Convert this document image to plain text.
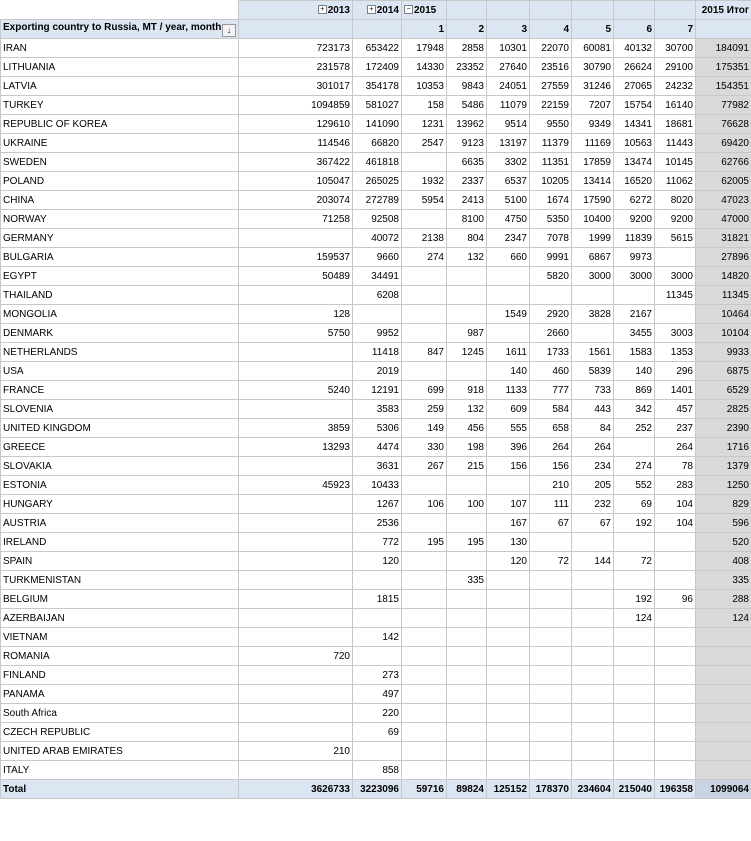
	+ 2013	+ 2014	− 2015							2015 Итог
Exporting country to Russia, MT / year, month ↓			1	2	3	4	5	6	7	
IRAN	723173	653422	17948	2858	10301	22070	60081	40132	30700	184091
LITHUANIA	231578	172409	14330	23352	27640	23516	30790	26624	29100	175351
LATVIA	301017	354178	10353	9843	24051	27559	31246	27065	24232	154351
TURKEY	1094859	581027	158	5486	11079	22159	7207	15754	16140	77982
REPUBLIC OF KOREA	129610	141090	1231	13962	9514	9550	9349	14341	18681	76628
UKRAINE	114546	66820	2547	9123	13197	11379	11169	10563	11443	69420
SWEDEN	367422	461818		6635	3302	11351	17859	13474	10145	62766
POLAND	105047	265025	1932	2337	6537	10205	13414	16520	11062	62005
CHINA	203074	272789	5954	2413	5100	1674	17590	6272	8020	47023
NORWAY	71258	92508		8100	4750	5350	10400	9200	9200	47000
GERMANY		40072	2138	804	2347	7078	1999	11839	5615	31821
BULGARIA	159537	9660	274	132	660	9991	6867	9973		27896
EGYPT	50489	34491				5820	3000	3000	3000	14820
THAILAND		6208							11345	11345
MONGOLIA	128				1549	2920	3828	2167		10464
DENMARK	5750	9952		987		2660		3455	3003	10104
NETHERLANDS		11418	847	1245	1611	1733	1561	1583	1353	9933
USA		2019			140	460	5839	140	296	6875
FRANCE	5240	12191	699	918	1133	777	733	869	1401	6529
SLOVENIA		3583	259	132	609	584	443	342	457	2825
UNITED KINGDOM	3859	5306	149	456	555	658	84	252	237	2390
GREECE	13293	4474	330	198	396	264	264		264	1716
SLOVAKIA		3631	267	215	156	156	234	274	78	1379
ESTONIA	45923	10433				210	205	552	283	1250
HUNGARY		1267	106	100	107	111	232	69	104	829
AUSTRIA		2536			167	67	67	192	104	596
IRELAND		772	195	195	130					520
SPAIN		120			120	72	144	72		408
TURKMENISTAN				335						335
BELGIUM		1815						192	96	288
AZERBAIJAN								124		124
VIETNAM		142								
ROMANIA	720									
FINLAND		273								
PANAMA		497								
South Africa		220								
CZECH REPUBLIC		69								
UNITED ARAB EMIRATES	210									
ITALY		858								
Total	3626733	3223096	59716	89824	125152	178370	234604	215040	196358	1099064
